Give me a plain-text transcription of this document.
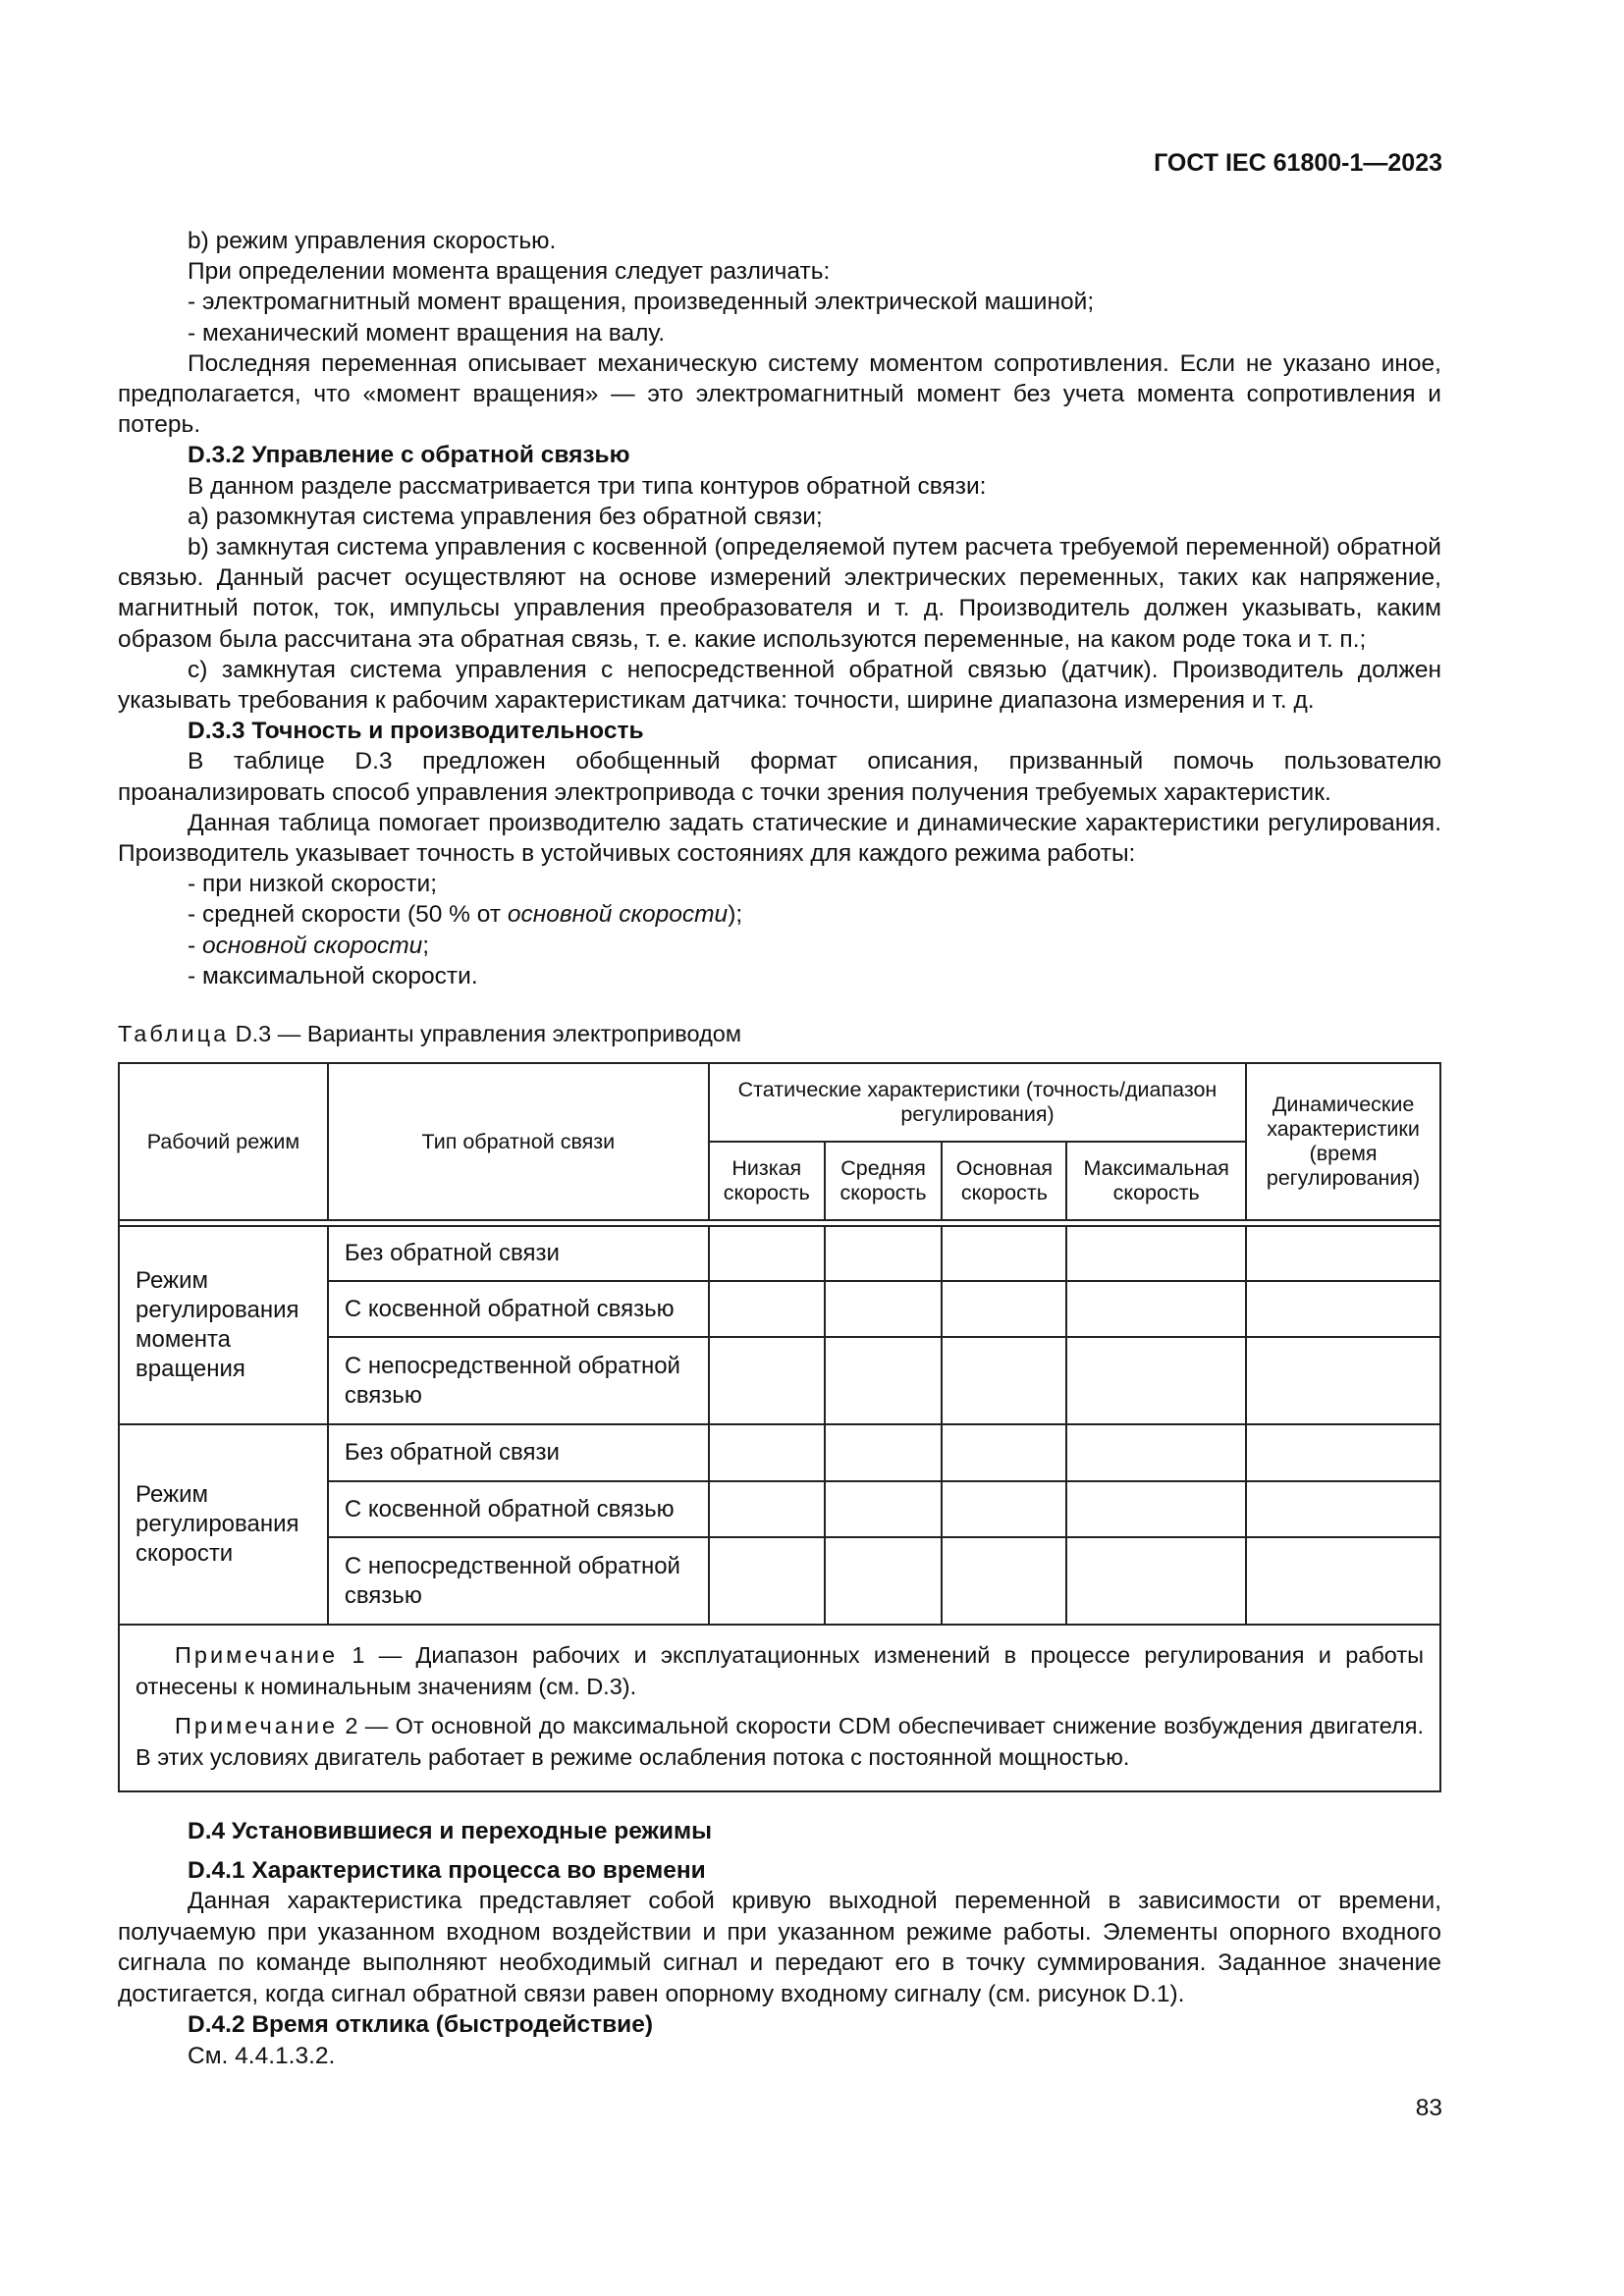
ГОСТ IEC 61800-1—2023

b) режим управления скоростью.

При определении момента вращения следует различать:

- электромагнитный момент вращения, произведенный электрической машиной;

- механический момент вращения на валу.

Последняя переменная описывает механическую систему моментом сопротивления. Если не указано иное, предполагается, что «момент вращения» — это электромагнитный момент без учета момента сопротивления и потерь.

D.3.2 Управление с обратной связью

В данном разделе рассматривается три типа контуров обратной связи:

a) разомкнутая система управления без обратной связи;

b) замкнутая система управления с косвенной (определяемой путем расчета требуемой переменной) обратной связью. Данный расчет осуществляют на основе измерений электрических переменных, таких как напряжение, магнитный поток, ток, импульсы управления преобразователя и т. д. Производитель должен указывать, каким образом была рассчитана эта обратная связь, т. е. какие используются переменные, на каком роде тока и т. п.;

c) замкнутая система управления с непосредственной обратной связью (датчик). Производитель должен указывать требования к рабочим характеристикам датчика: точности, ширине диапазона измерения и т. д.

D.3.3 Точность и производительность

В таблице D.3 предложен обобщенный формат описания, призванный помочь пользователю проанализировать способ управления электропривода с точки зрения получения требуемых характеристик.

Данная таблица помогает производителю задать статические и динамические характеристики регулирования. Производитель указывает точность в устойчивых состояниях для каждого режима работы:

- при низкой скорости;

- средней скорости (50 % от основной скорости);

- основной скорости;

- максимальной скорости.

Таблица D.3 — Варианты управления электроприводом
Рабочий режим	Тип обратной связи	Статические характеристики (точность/диапазон регулирования)				Динамические характеристики (время регулирования)
		Низкая скорость	Средняя скорость	Основная скорость	Максимальная скорость	

Режим регулирования момента вращения	Без обратной связи					
	С косвенной обратной связью					
	С непосредственной обратной связью					
Режим регулирования скорости	Без обратной связи					
	С косвенной обратной связью					
	С непосредственной обратной связью					

Примечание 1 — Диапазон рабочих и эксплуатационных изменений в процессе регулирования и работы отнесены к номинальным значениям (см. D.3).

Примечание 2 — От основной до максимальной скорости CDM обеспечивает снижение возбуждения двигателя. В этих условиях двигатель работает в режиме ослабления потока с постоянной мощностью.						

D.4 Установившиеся и переходные режимы

D.4.1 Характеристика процесса во времени

Данная характеристика представляет собой кривую выходной переменной в зависимости от времени, получаемую при указанном входном воздействии и при указанном режиме работы. Элементы опорного входного сигнала по команде выполняют необходимый сигнал и передают его в точку суммирования. Заданное значение достигается, когда сигнал обратной связи равен опорному входному сигналу (см. рисунок D.1).

D.4.2 Время отклика (быстродействие)

См. 4.4.1.3.2.

83
